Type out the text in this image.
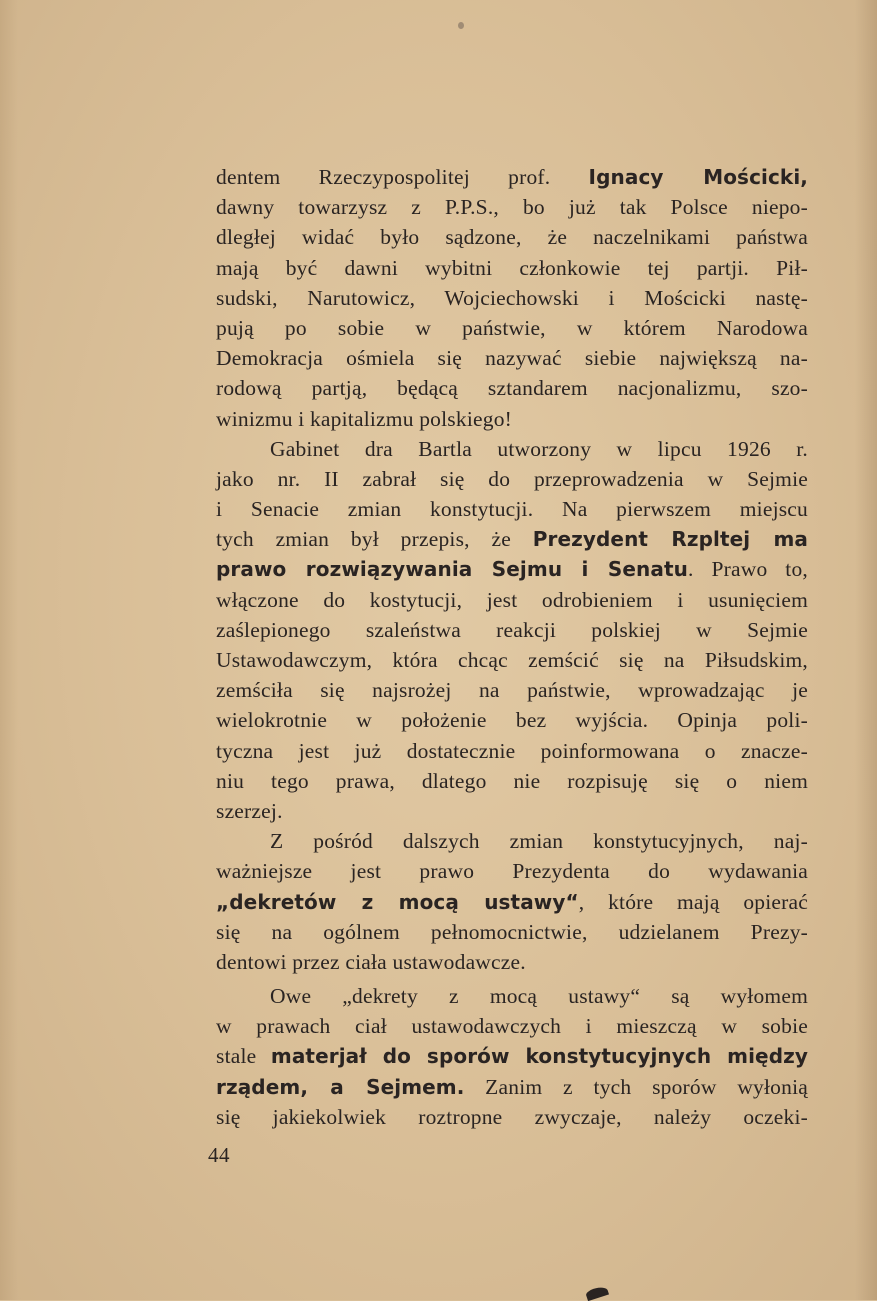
dentem Rzeczypospolitej prof. Ignacy Mościcki,
dawny towarzysz z P.P.S., bo już tak Polsce niepo-
dległej widać było sądzone, że naczelnikami państwa
mają być dawni wybitni członkowie tej partji. Pił-
sudski, Narutowicz, Wojciechowski i Mościcki nastę-
pują po sobie w państwie, w którem Narodowa
Demokracja ośmiela się nazywać siebie największą na-
rodową partją, będącą sztandarem nacjonalizmu, szo-
winizmu i kapitalizmu polskiego!
Gabinet dra Bartla utworzony w lipcu 1926 r.
jako nr. II zabrał się do przeprowadzenia w Sejmie
i Senacie zmian konstytucji. Na pierwszem miejscu
tych zmian był przepis, że Prezydent Rzpltej ma
prawo rozwiązywania Sejmu i Senatu. Prawo to,
włączone do kostytucji, jest odrobieniem i usunięciem
zaślepionego szaleństwa reakcji polskiej w Sejmie
Ustawodawczym, która chcąc zemścić się na Piłsudskim,
zemściła się najsrożej na państwie, wprowadzając je
wielokrotnie w położenie bez wyjścia. Opinja poli-
tyczna jest już dostatecznie poinformowana o znacze-
niu tego prawa, dlatego nie rozpisuję się o niem
szerzej.
Z pośród dalszych zmian konstytucyjnych, naj-
ważniejsze jest prawo Prezydenta do wydawania
„dekretów z mocą ustawy“, które mają opierać
się na ogólnem pełnomocnictwie, udzielanem Prezy-
dentowi przez ciała ustawodawcze.
Owe „dekrety z mocą ustawy“ są wyłomem
w prawach ciał ustawodawczych i mieszczą w sobie
stale materjał do sporów konstytucyjnych między
rządem, a Sejmem. Zanim z tych sporów wyłonią
się jakiekolwiek roztropne zwyczaje, należy oczeki-
44
